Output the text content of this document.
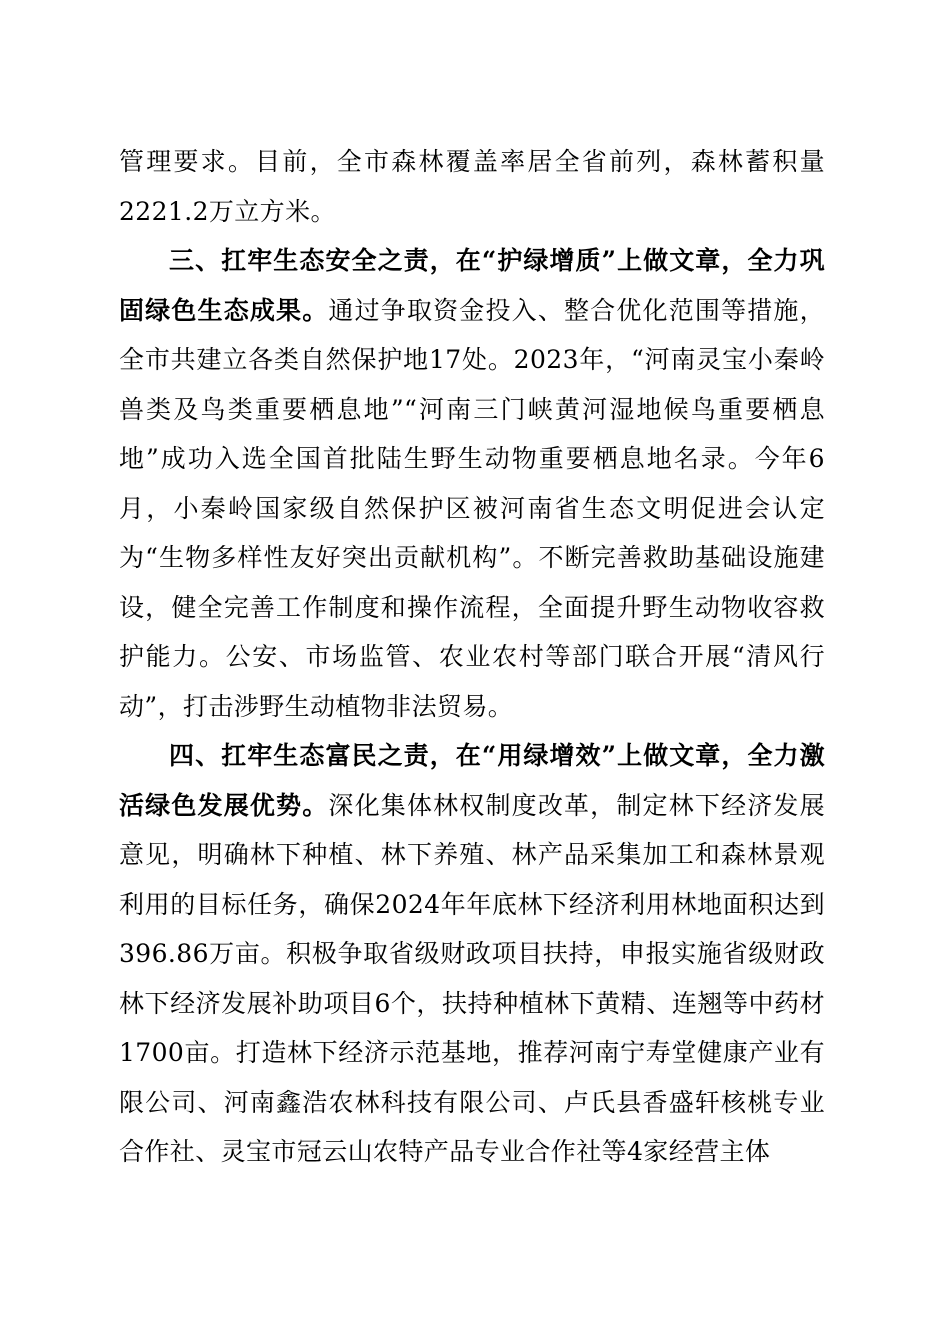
管理要求。目前，全市森林覆盖率居全省前列，森林蓄积量2221.2万立方米。

三、扛牢生态安全之责，在“护绿增质”上做文章，全力巩固绿色生态成果。通过争取资金投入、整合优化范围等措施，全市共建立各类自然保护地17处。2023年，“河南灵宝小秦岭兽类及鸟类重要栖息地”“河南三门峡黄河湿地候鸟重要栖息地”成功入选全国首批陆生野生动物重要栖息地名录。今年6月，小秦岭国家级自然保护区被河南省生态文明促进会认定为“生物多样性友好突出贡献机构”。不断完善救助基础设施建设，健全完善工作制度和操作流程，全面提升野生动物收容救护能力。公安、市场监管、农业农村等部门联合开展“清风行动”，打击涉野生动植物非法贸易。

四、扛牢生态富民之责，在“用绿增效”上做文章，全力激活绿色发展优势。深化集体林权制度改革，制定林下经济发展意见，明确林下种植、林下养殖、林产品采集加工和森林景观利用的目标任务，确保2024年年底林下经济利用林地面积达到396.86万亩。积极争取省级财政项目扶持，申报实施省级财政林下经济发展补助项目6个，扶持种植林下黄精、连翘等中药材1700亩。打造林下经济示范基地，推荐河南宁寿堂健康产业有限公司、河南鑫浩农林科技有限公司、卢氏县香盛轩核桃专业合作社、灵宝市冠云山农特产品专业合作社等4家经营主体
